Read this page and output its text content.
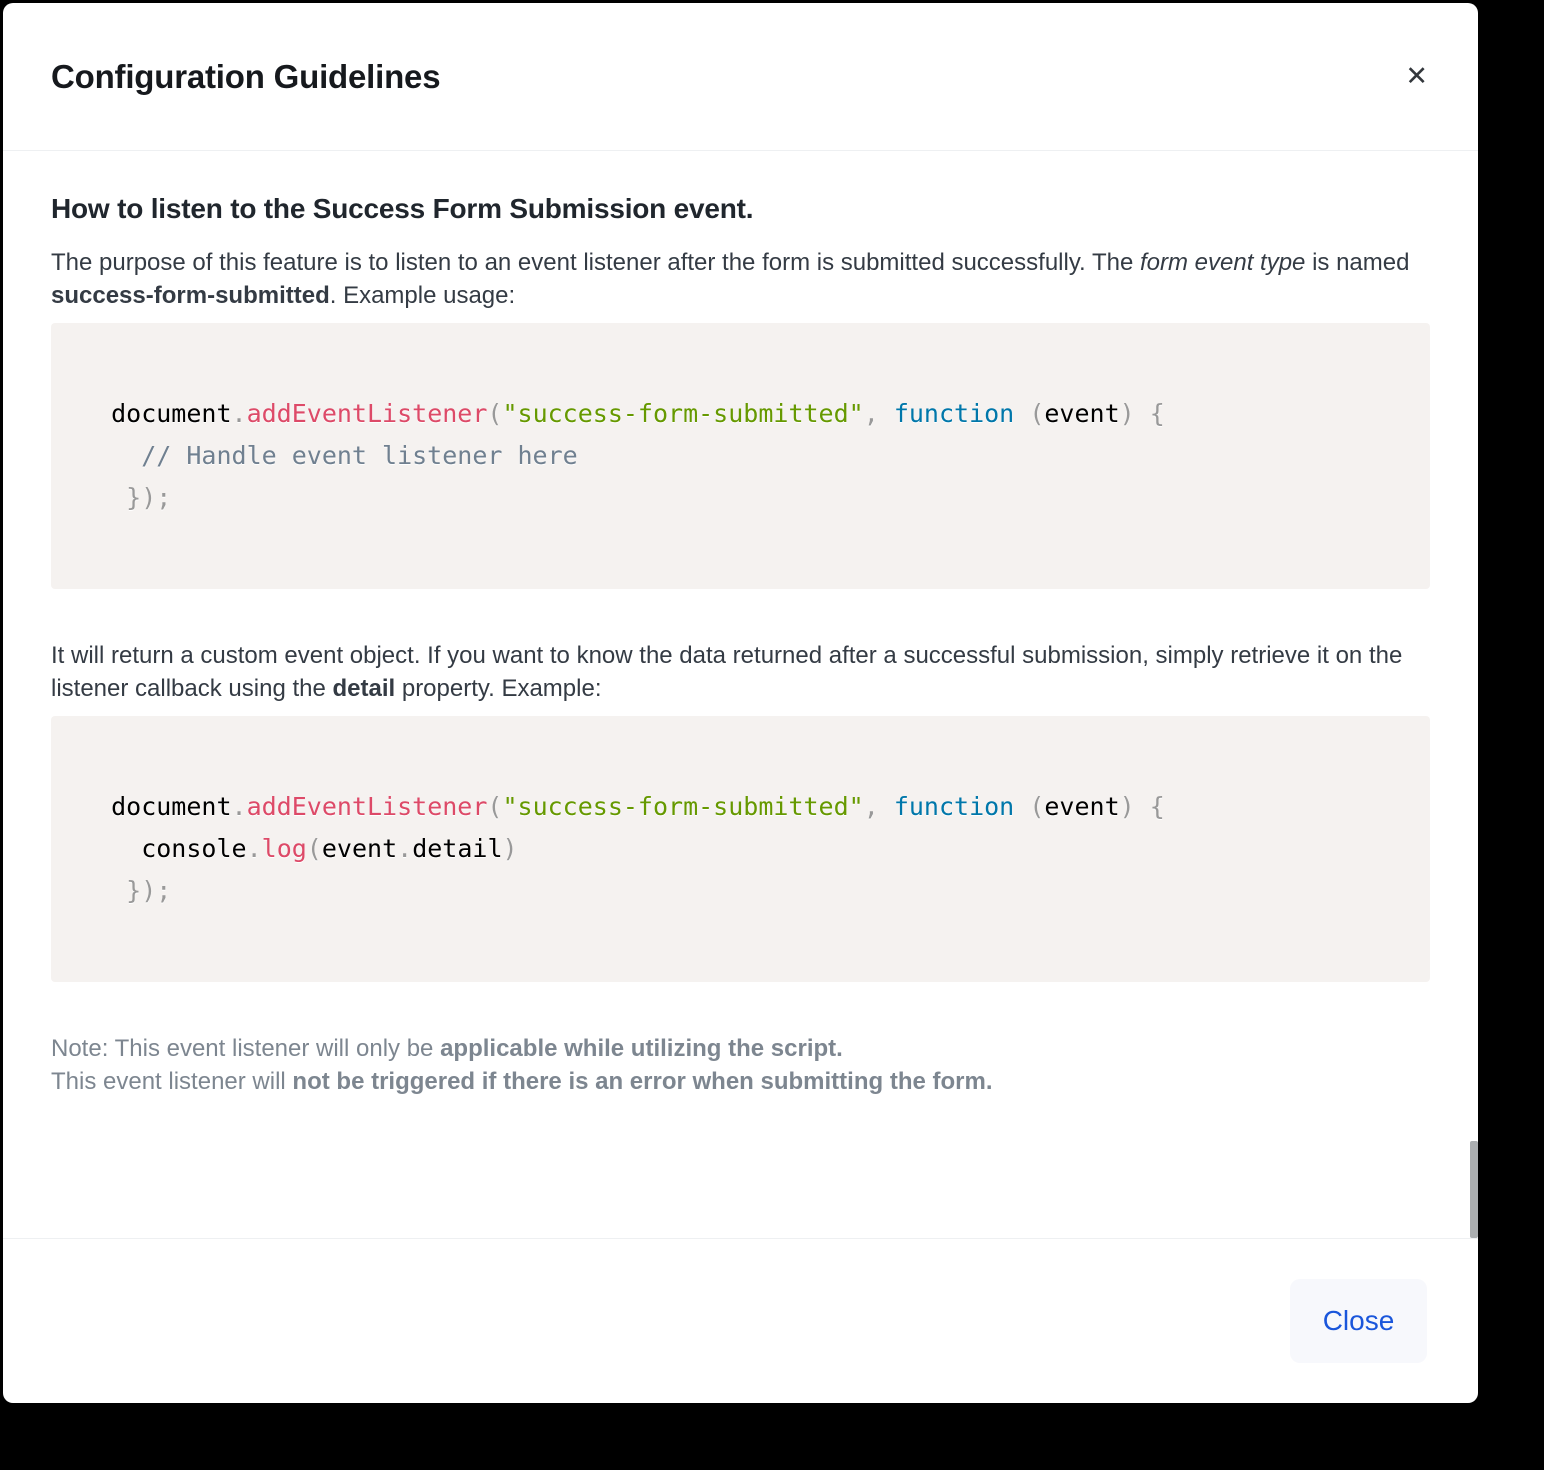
Configuration Guidelines	✕
How to listen to the Success Form Submission event.

The purpose of this feature is to listen to an event listener after the form is submitted successfully. The form event type is named success-form-submitted. Example usage:

document.addEventListener("success-form-submitted", function (event) {
// Handle event listener here
});

It will return a custom event object. If you want to know the data returned after a successful submission, simply retrieve it on the listener callback using the detail property. Example:

document.addEventListener("success-form-submitted", function (event) {
console.log(event.detail)
});

Note: This event listener will only be applicable while utilizing the script.
This event listener will not be triggered if there is an error when submitting the form.
Close
